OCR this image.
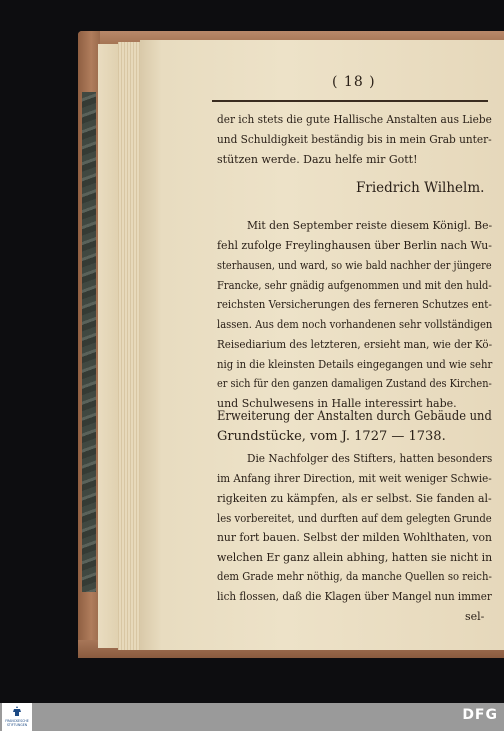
( 18 )
der ich stets die gute Hallische Anstalten aus Liebe
und Schuldigkeit beständig bis in mein Grab unter-
stützen werde. Dazu helfe mir Gott!
Friedrich Wilhelm.
Mit den September reiste diesem Königl. Be-
fehl zufolge Freylinghausen über Berlin nach Wu-
sterhausen, und ward, so wie bald nachher der jüngere
Francke, sehr gnädig aufgenommen und mit den huld-
reichsten Versicherungen des ferneren Schutzes ent-
lassen. Aus dem noch vorhandenen sehr vollständigen
Reisediarium des letzteren, ersieht man, wie der Kö-
nig in die kleinsten Details eingegangen und wie sehr
er sich für den ganzen damaligen Zustand des Kirchen-
und Schulwesens in Halle interessirt habe.
Erweiterung der Anstalten durch Gebäude und
Grundstücke, vom J. 1727 — 1738.
Die Nachfolger des Stifters, hatten besonders
im Anfang ihrer Direction, mit weit weniger Schwie-
rigkeiten zu kämpfen, als er selbst. Sie fanden al-
les vorbereitet, und durften auf dem gelegten Grunde
nur fort bauen. Selbst der milden Wohlthaten, von
welchen Er ganz allein abhing, hatten sie nicht in
dem Grade mehr nöthig, da manche Quellen so reich-
lich flossen, daß die Klagen über Mangel nun immer
sel-
FRANCKESCHE
STIFTUNGEN
DFG
